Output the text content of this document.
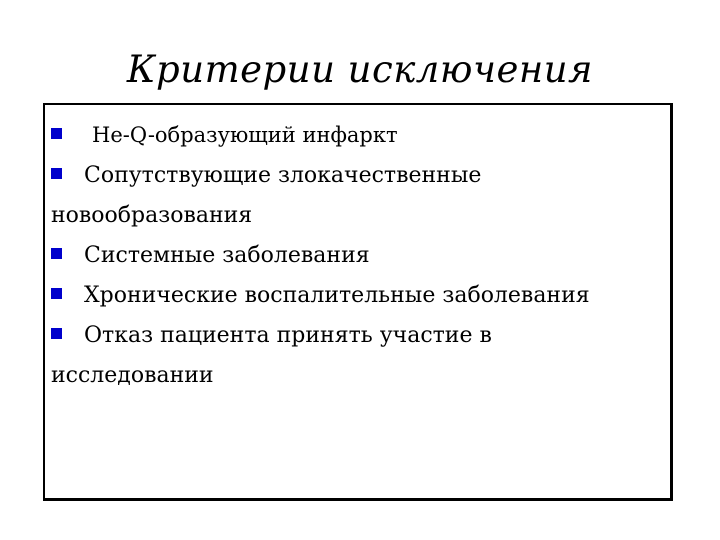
Критерии исключения
Не-Q-образующий инфаркт
Сопутствующие злокачественные новообразования
Системные заболевания
Хронические воспалительные заболевания
Отказ пациента принять участие в исследовании
